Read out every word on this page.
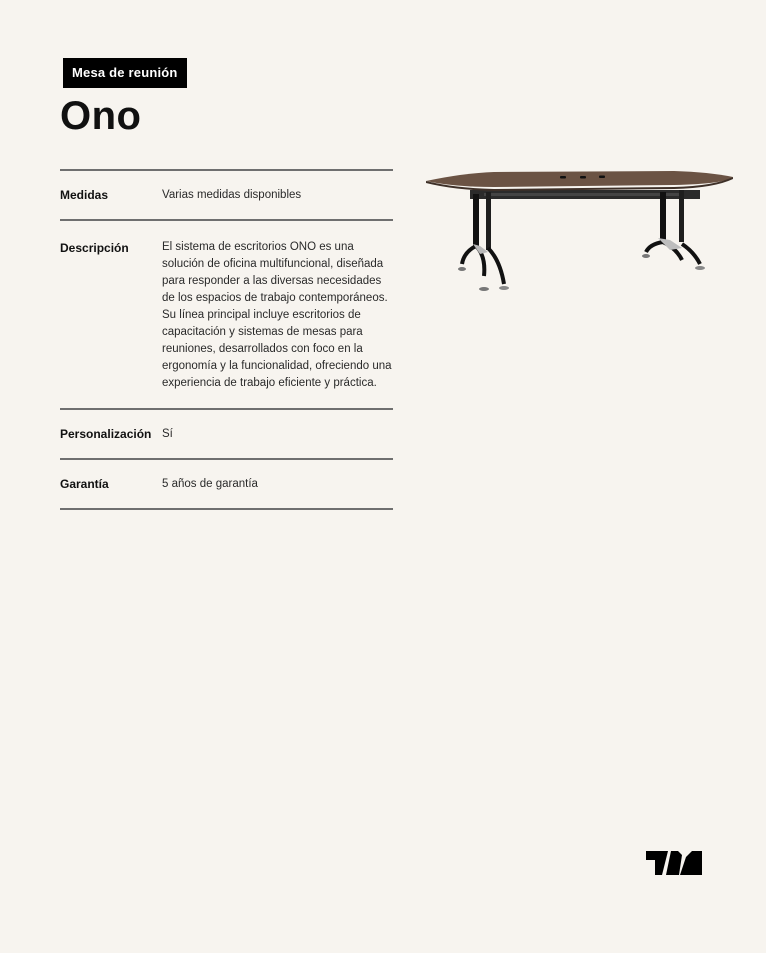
Mesa de reunión
Ono
Medidas	Varias medidas disponibles
Descripción	El sistema de escritorios ONO es una solución de oficina multifuncional, diseñada para responder a las diversas necesidades de los espacios de trabajo contemporáneos. Su línea principal incluye escritorios de capacitación y sistemas de mesas para reuniones, desarrollados con foco en la ergonomía y la funcionalidad, ofreciendo una experiencia de trabajo eficiente y práctica.
Personalización Sí
Garantía	5 años de garantía
